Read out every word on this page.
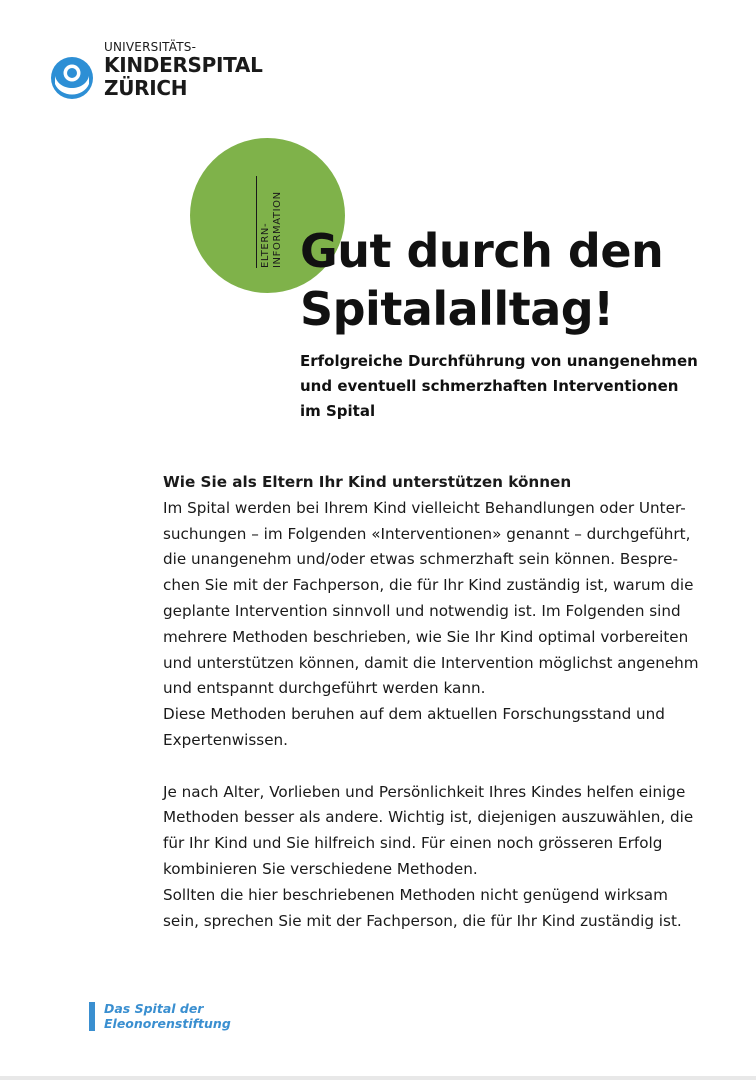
UNIVERSITÄTS-
KINDERSPITAL
ZÜRICH
ELTERN- INFORMATION Gut durch den
Spitalalltag!
Erfolgreiche Durchführung von unangenehmen
und eventuell schmerzhaften Interventionen
im Spital
Wie Sie als Eltern Ihr Kind unterstützen können

Im Spital werden bei Ihrem Kind vielleicht Behandlungen oder Unter-
suchungen – im Folgenden «Interventionen» genannt – durchgeführt,
die unangenehm und/oder etwas schmerzhaft sein können. Bespre-
chen Sie mit der Fachperson, die für Ihr Kind zuständig ist, warum die
geplante Intervention sinnvoll und notwendig ist. Im Folgenden sind
mehrere Methoden beschrieben, wie Sie Ihr Kind optimal vorbereiten
und unterstützen können, damit die Intervention möglichst angenehm
und entspannt durchgeführt werden kann.

Diese Methoden beruhen auf dem aktuellen Forschungsstand und
Expertenwissen.

Je nach Alter, Vorlieben und Persönlichkeit Ihres Kindes helfen einige
Methoden besser als andere. Wichtig ist, diejenigen auszuwählen, die
für Ihr Kind und Sie hilfreich sind. Für einen noch grösseren Erfolg
kombinieren Sie verschiedene Methoden.

Sollten die hier beschriebenen Methoden nicht genügend wirksam
sein, sprechen Sie mit der Fachperson, die für Ihr Kind zuständig ist.

Das Spital der
Eleonorenstiftung
